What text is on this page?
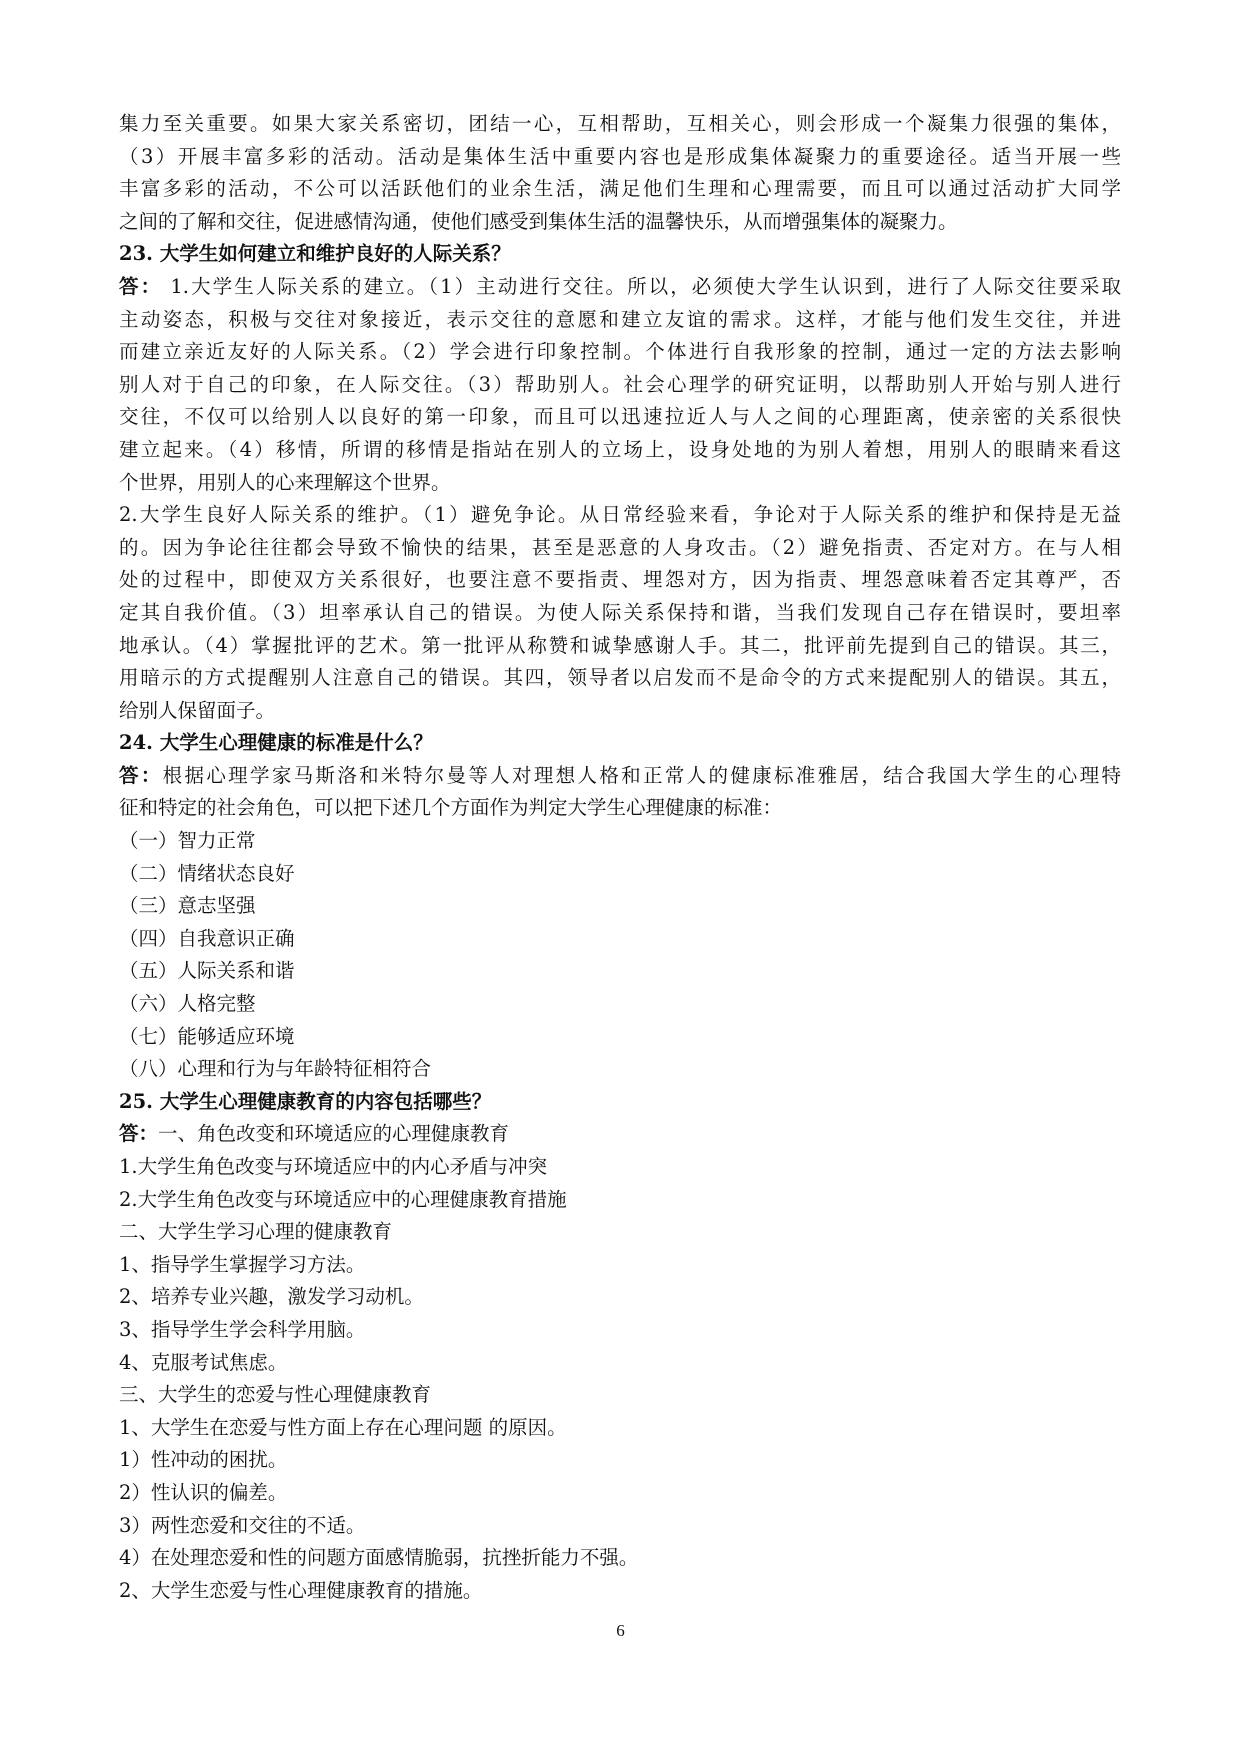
集力至关重要。如果大家关系密切，团结一心，互相帮助，互相关心，则会形成一个凝集力很强的集体，
（3）开展丰富多彩的活动。活动是集体生活中重要内容也是形成集体凝聚力的重要途径。适当开展一些
丰富多彩的活动，不公可以活跃他们的业余生活，满足他们生理和心理需要，而且可以通过活动扩大同学
之间的了解和交往，促进感情沟通，使他们感受到集体生活的温馨快乐，从而增强集体的凝聚力。
23. 大学生如何建立和维护良好的人际关系？
答： 1.大学生人际关系的建立。（1）主动进行交往。所以，必须使大学生认识到，进行了人际交往要采取
主动姿态，积极与交往对象接近，表示交往的意愿和建立友谊的需求。这样，才能与他们发生交往，并进
而建立亲近友好的人际关系。（2）学会进行印象控制。个体进行自我形象的控制，通过一定的方法去影响
别人对于自己的印象，在人际交往。（3）帮助别人。社会心理学的研究证明，以帮助别人开始与别人进行
交往，不仅可以给别人以良好的第一印象，而且可以迅速拉近人与人之间的心理距离，使亲密的关系很快
建立起来。（4）移情，所谓的移情是指站在别人的立场上，设身处地的为别人着想，用别人的眼睛来看这
个世界，用别人的心来理解这个世界。
2.大学生良好人际关系的维护。（1）避免争论。从日常经验来看，争论对于人际关系的维护和保持是无益
的。因为争论往往都会导致不愉快的结果，甚至是恶意的人身攻击。（2）避免指责、否定对方。在与人相
处的过程中，即使双方关系很好，也要注意不要指责、埋怨对方，因为指责、埋怨意味着否定其尊严，否
定其自我价值。（3）坦率承认自己的错误。为使人际关系保持和谐，当我们发现自己存在错误时，要坦率
地承认。（4）掌握批评的艺术。第一批评从称赞和诚挚感谢人手。其二，批评前先提到自己的错误。其三，
用暗示的方式提醒别人注意自己的错误。其四，领导者以启发而不是命令的方式来提配别人的错误。其五，
给别人保留面子。
24. 大学生心理健康的标准是什么？
答：根据心理学家马斯洛和米特尔曼等人对理想人格和正常人的健康标准雅居，结合我国大学生的心理特
征和特定的社会角色，可以把下述几个方面作为判定大学生心理健康的标准：
（一）智力正常
（二）情绪状态良好
（三）意志坚强
（四）自我意识正确
（五）人际关系和谐
（六）人格完整
（七）能够适应环境
（八）心理和行为与年龄特征相符合
25. 大学生心理健康教育的内容包括哪些？
答：一、角色改变和环境适应的心理健康教育
1.大学生角色改变与环境适应中的内心矛盾与冲突
2.大学生角色改变与环境适应中的心理健康教育措施
二、大学生学习心理的健康教育
1、指导学生掌握学习方法。
2、培养专业兴趣，激发学习动机。
3、指导学生学会科学用脑。
4、克服考试焦虑。
三、大学生的恋爱与性心理健康教育
1、大学生在恋爱与性方面上存在心理问题 的原因。
1）性冲动的困扰。
2）性认识的偏差。
3）两性恋爱和交往的不适。
4）在处理恋爱和性的问题方面感情脆弱，抗挫折能力不强。
2、大学生恋爱与性心理健康教育的措施。
6
